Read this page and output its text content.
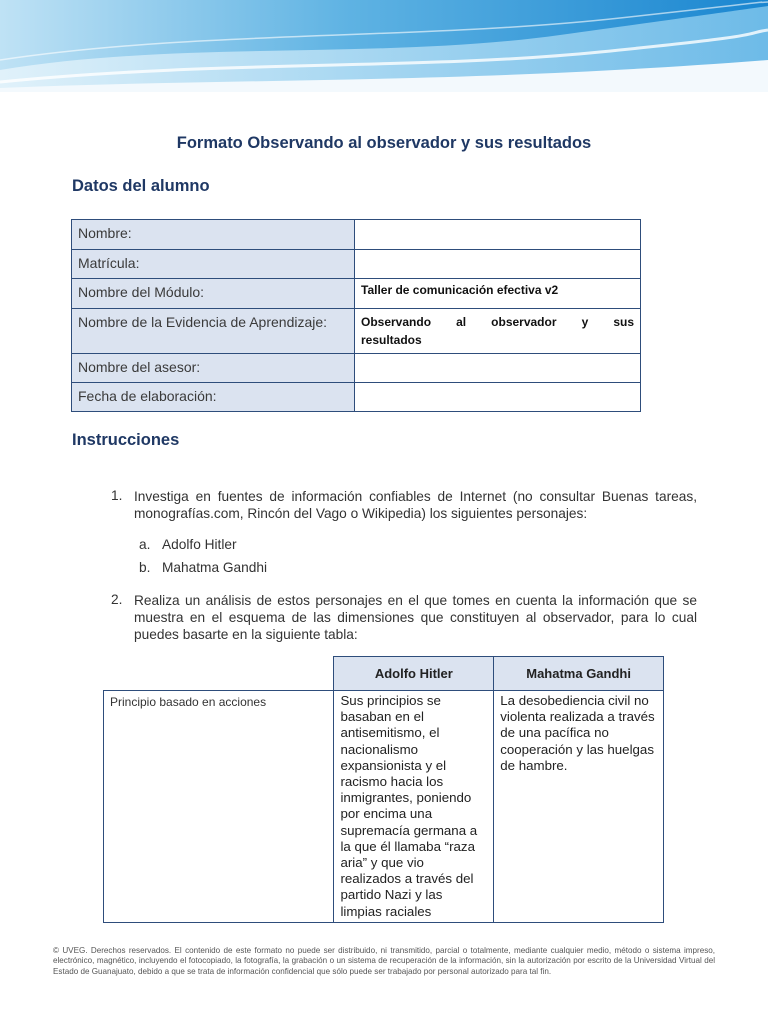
Formato Observando al observador y sus resultados
Datos del alumno
Nombre:	
Matrícula:	
Nombre del Módulo:	Taller de comunicación efectiva v2
Nombre de la Evidencia de Aprendizaje:	Observando al observador y sus
resultados

Nombre del asesor:	
Fecha de elaboración:	
Instrucciones
1. Investiga en fuentes de información confiables de Internet (no consultar Buenas tareas, monografías.com, Rincón del Vago o Wikipedia) los siguientes personajes:
a. Adolfo Hitler
b. Mahatma Gandhi
2. Realiza un análisis de estos personajes en el que tomes en cuenta la información que se muestra en el esquema de las dimensiones que constituyen al observador, para lo cual puedes basarte en la siguiente tabla:
	Adolfo Hitler	Mahatma Gandhi
Principio basado en acciones	Sus principios se basaban en el antisemitismo, el nacionalismo expansionista y el racismo hacia los inmigrantes, poniendo por encima una supremacía germana a la que él llamaba “raza aria” y que vio realizados a través del partido Nazi y las limpias raciales	La desobediencia civil no violenta realizada a través de una pacífica no cooperación y las huelgas de hambre.
© UVEG. Derechos reservados. El contenido de este formato no puede ser distribuido, ni transmitido, parcial o totalmente, mediante cualquier medio, método o sistema impreso, electrónico, magnético, incluyendo el fotocopiado, la fotografía, la grabación o un sistema de recuperación de la información, sin la autorización por escrito de la Universidad Virtual del Estado de Guanajuato, debido a que se trata de información confidencial que sólo puede ser trabajado por personal autorizado para tal fin.
